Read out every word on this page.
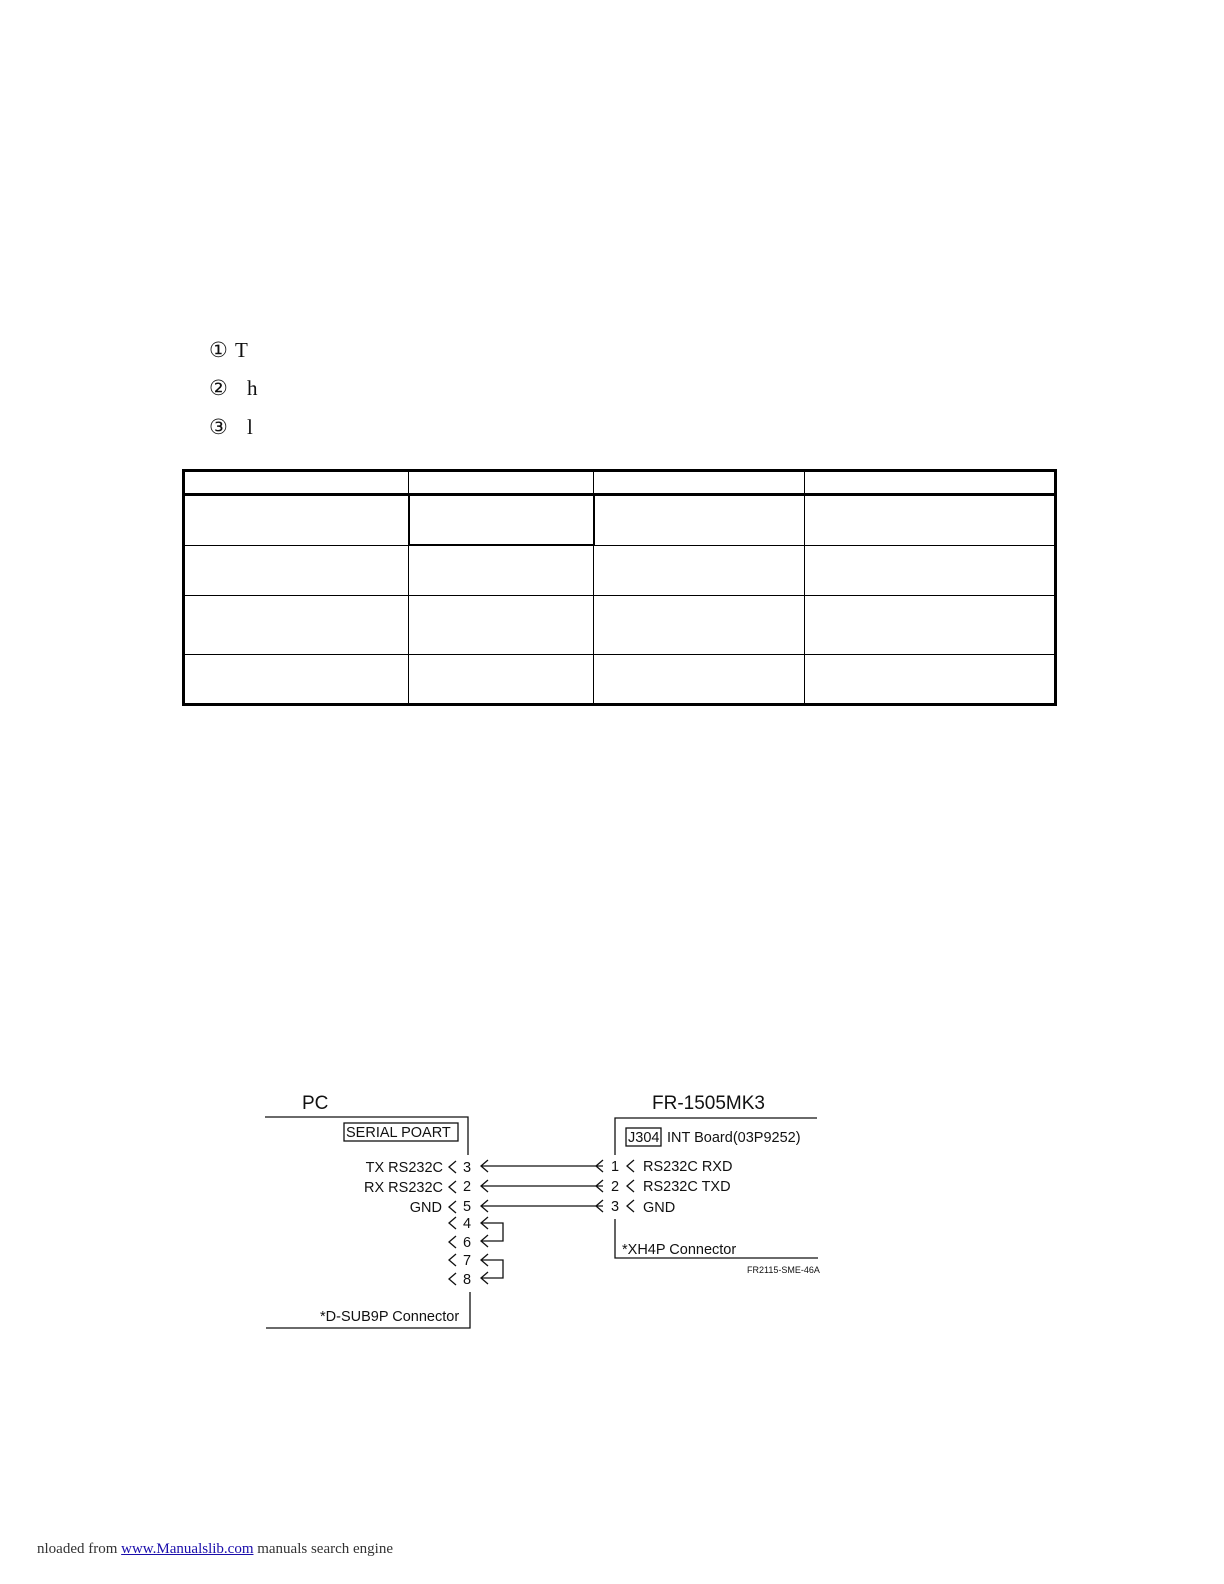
① T
② h
③ l

PC	FR-1505MK3
SERIAL POART	J304 INT Board(03P9252)
TX RS232C
RX RS232C
GND
3
2
5
4
6
7
8
1
2
3
RS232C RXD
RS232C TXD
GND
*XH4P Connector
*D-SUB9P Connector
FR2115-SME-46A
nloaded from www.Manualslib.com manuals search engine
